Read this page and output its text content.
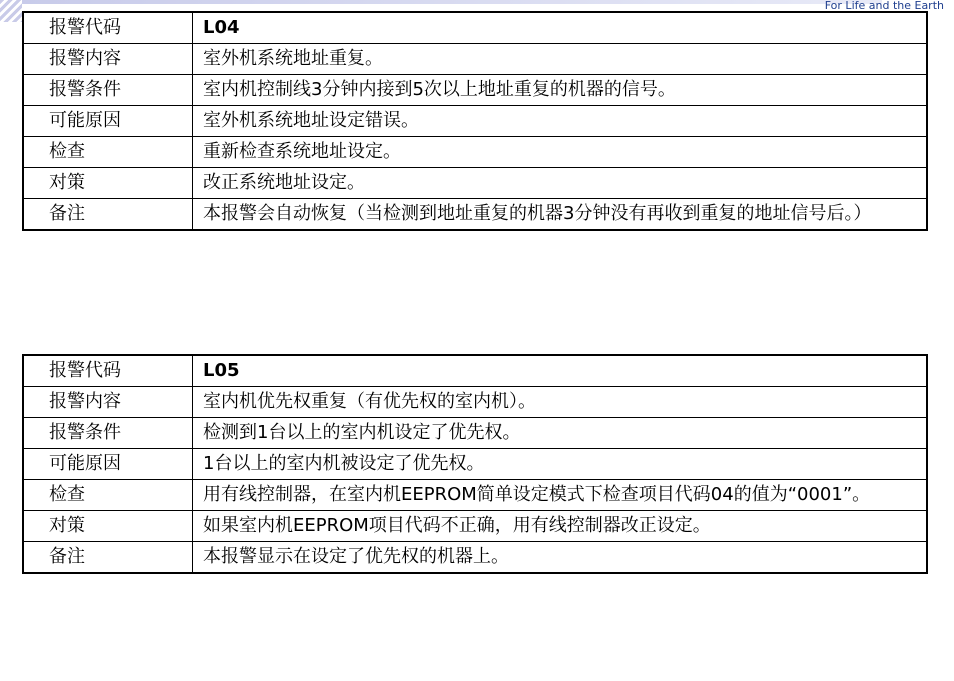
For Life and the Earth
报警代码	L04
报警内容	室外机系统地址重复。
报警条件	室内机控制线3分钟内接到5次以上地址重复的机器的信号。
可能原因	室外机系统地址设定错误。
检查	重新检查系统地址设定。
对策	改正系统地址设定。
备注	本报警会自动恢复（当检测到地址重复的机器3分钟没有再收到重复的地址信号后。）
报警代码	L05
报警内容	室内机优先权重复（有优先权的室内机）。
报警条件	检测到1台以上的室内机设定了优先权。
可能原因	1台以上的室内机被设定了优先权。
检查	用有线控制器，在室内机EEPROM简单设定模式下检查项目代码04的值为“0001”。
对策	如果室内机EEPROM项目代码不正确，用有线控制器改正设定。
备注	本报警显示在设定了优先权的机器上。
